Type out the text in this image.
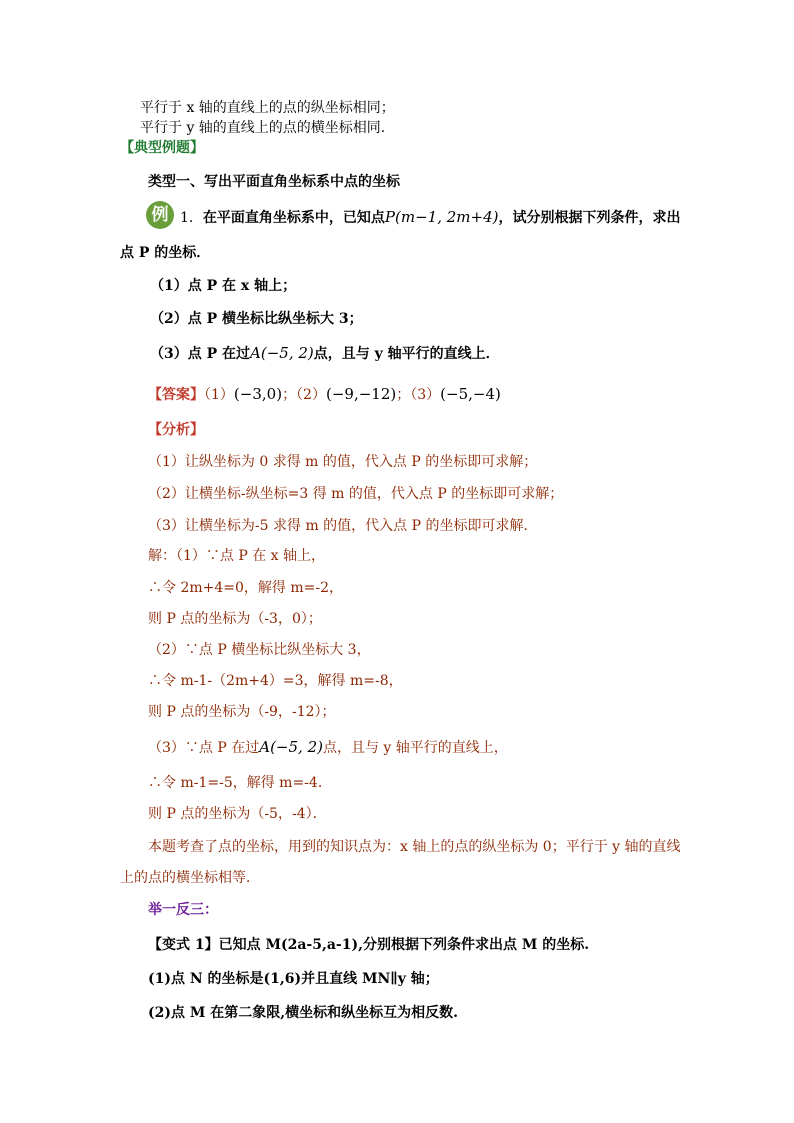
平行于 x 轴的直线上的点的纵坐标相同；
平行于 y 轴的直线上的点的横坐标相同.
【典型例题】
类型一、写出平面直角坐标系中点的坐标
例 1．在平面直角坐标系中，已知点P(m−1, 2m+4)，试分别根据下列条件，求出
点 P 的坐标．
（1）点 P 在 x 轴上；
（2）点 P 横坐标比纵坐标大 3；
（3）点 P 在过A(−5, 2)点，且与 y 轴平行的直线上．
【答案】（1）(−3,0)；（2）(−9,−12)；（3）(−5,−4)
【分析】
（1）让纵坐标为 0 求得 m 的值，代入点 P 的坐标即可求解；
（2）让横坐标-纵坐标=3 得 m 的值，代入点 P 的坐标即可求解；
（3）让横坐标为-5 求得 m 的值，代入点 P 的坐标即可求解．
解：（1）∵点 P 在 x 轴上，
∴令 2m+4=0，解得 m=-2，
则 P 点的坐标为（-3，0）；
（2）∵点 P 横坐标比纵坐标大 3，
∴令 m-1-（2m+4）=3，解得 m=-8，
则 P 点的坐标为（-9，-12）；
（3）∵点 P 在过A(−5, 2)点，且与 y 轴平行的直线上，
∴令 m-1=-5，解得 m=-4．
则 P 点的坐标为（-5，-4）．
本题考查了点的坐标，用到的知识点为：x 轴上的点的纵坐标为 0；平行于 y 轴的直线
上的点的横坐标相等．
举一反三：
【变式 1】已知点 M(2a-5,a-1),分别根据下列条件求出点 M 的坐标.
(1)点 N 的坐标是(1,6)并且直线 MN∥y 轴；
(2)点 M 在第二象限,横坐标和纵坐标互为相反数.
